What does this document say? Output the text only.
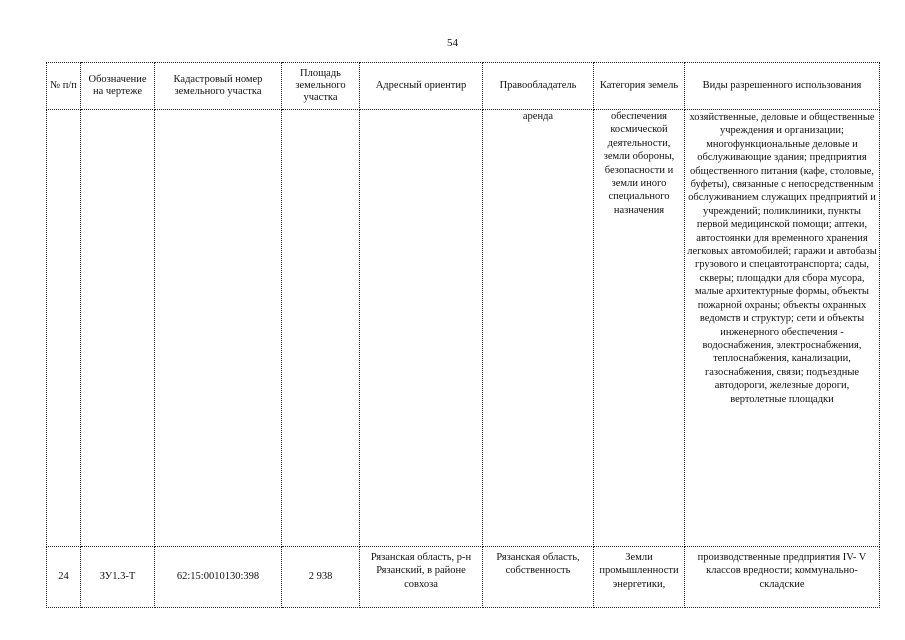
54
№ п/п	Обозначение на чертеже	Кадастровый номер земельного участка	Площадь земельного участка	Адресный ориентир	Правообладатель	Категория земель	Виды разрешенного использования
					аренда	обеспечения космической деятельности, земли обороны, безопасности и земли иного специального назначения	хозяйственные, деловые и общественные учреждения и организации; многофункциональные деловые и обслуживающие здания; предприятия общественного питания (кафе, столовые, буфеты), связанные с непосредственным обслуживанием служащих предприятий и учреждений; поликлиники, пункты первой медицинской помощи; аптеки, автостоянки для временного хранения легковых автомобилей; гаражи и автобазы грузового и спецавтотранспорта; сады, скверы; площадки для сбора мусора, малые архитектурные формы, объекты пожарной охраны; объекты охранных ведомств и структур; сети и объекты инженерного обеспечения - водоснабжения, электроснабжения, теплоснабжения, канализации, газоснабжения, связи; подъездные автодороги, железные дороги, вертолетные площадки
24	ЗУ1.3-Т	62:15:0010130:398	2 938	Рязанская область, р-н Рязанский, в районе совхоза	Рязанская область, собственность	Земли промышленности энергетики,	производственные предприятия IV- V классов вредности; коммунально-складские
